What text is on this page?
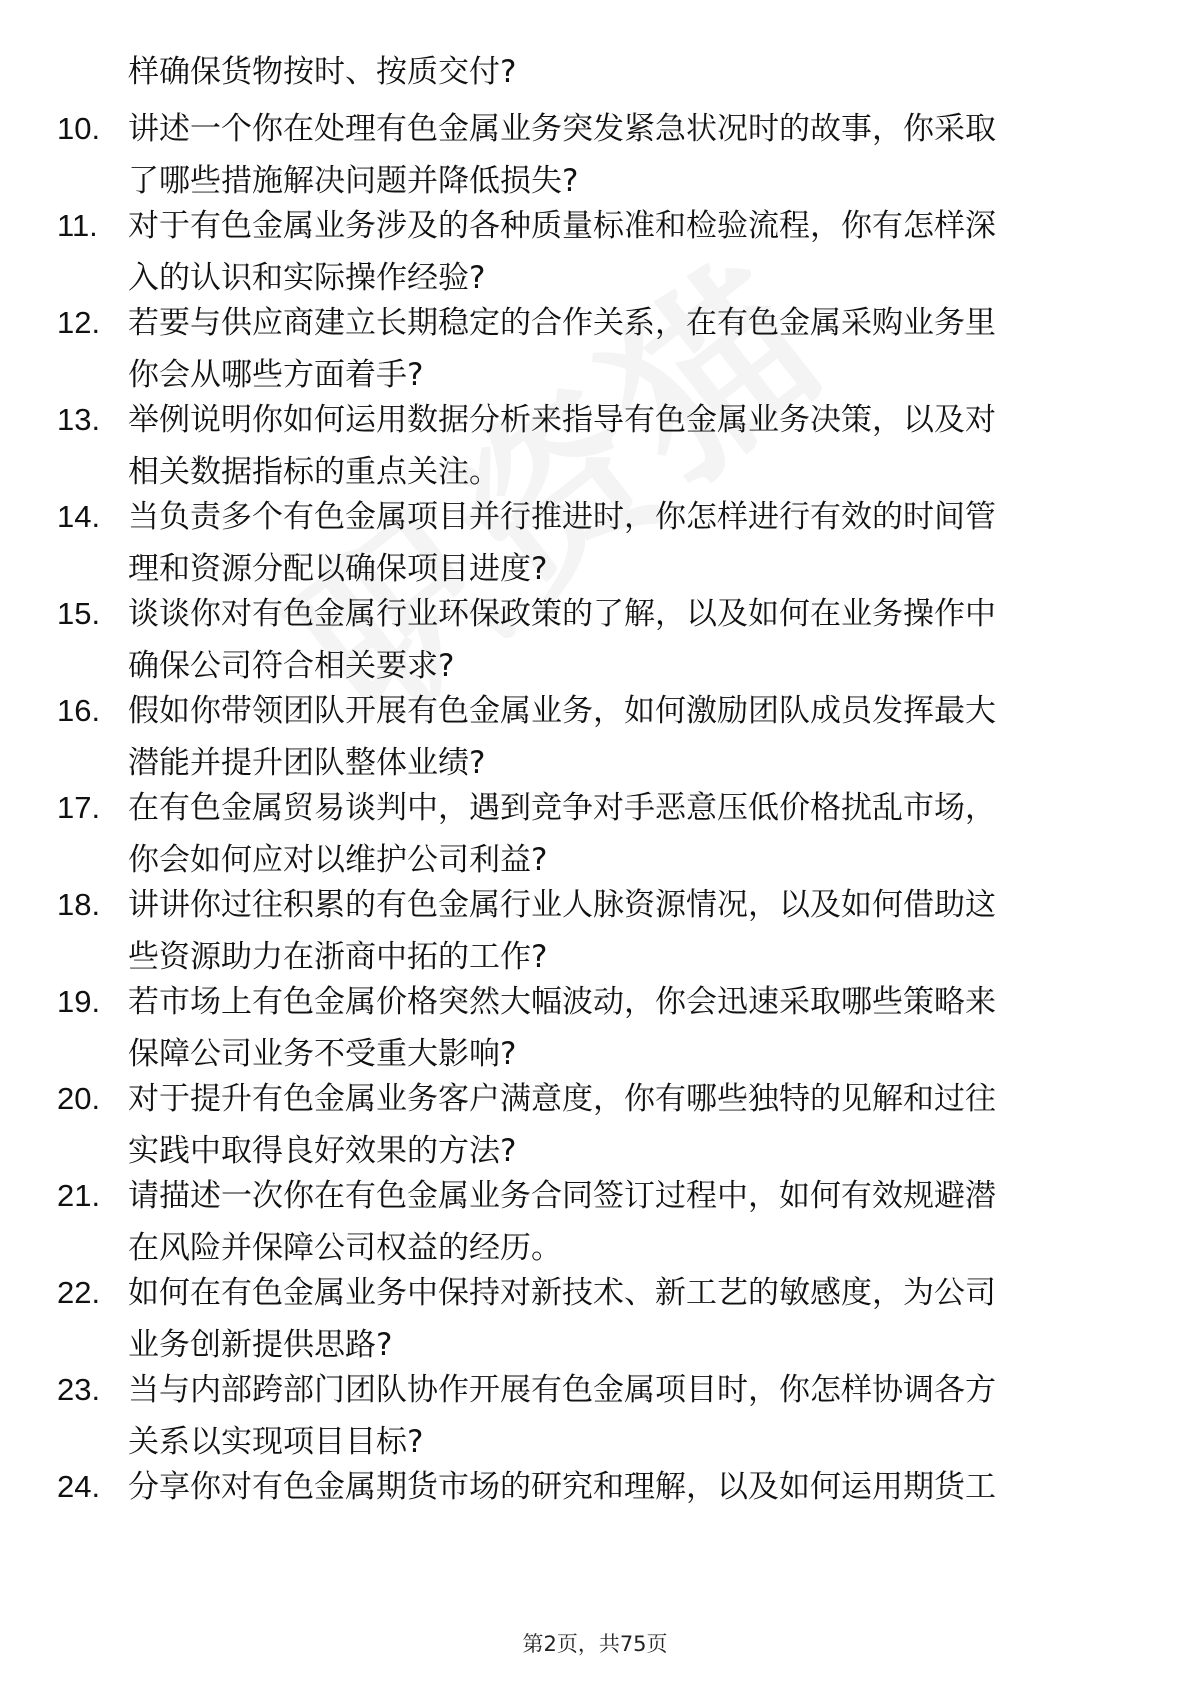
样确保货物按时、按质交付?
10. 讲述一个你在处理有色金属业务突发紧急状况时的故事，你采取
了哪些措施解决问题并降低损失?
11. 对于有色金属业务涉及的各种质量标准和检验流程，你有怎样深
入的认识和实际操作经验?
12. 若要与供应商建立长期稳定的合作关系，在有色金属采购业务里
你会从哪些方面着手?
13. 举例说明你如何运用数据分析来指导有色金属业务决策，以及对
相关数据指标的重点关注。
14. 当负责多个有色金属项目并行推进时，你怎样进行有效的时间管
理和资源分配以确保项目进度?
15. 谈谈你对有色金属行业环保政策的了解，以及如何在业务操作中
确保公司符合相关要求?
16. 假如你带领团队开展有色金属业务，如何激励团队成员发挥最大
潜能并提升团队整体业绩?
17. 在有色金属贸易谈判中，遇到竞争对手恶意压低价格扰乱市场，
你会如何应对以维护公司利益?
18. 讲讲你过往积累的有色金属行业人脉资源情况，以及如何借助这
些资源助力在浙商中拓的工作?
19. 若市场上有色金属价格突然大幅波动，你会迅速采取哪些策略来
保障公司业务不受重大影响?
20. 对于提升有色金属业务客户满意度，你有哪些独特的见解和过往
实践中取得良好效果的方法?
21. 请描述一次你在有色金属业务合同签订过程中，如何有效规避潜
在风险并保障公司权益的经历。
22. 如何在有色金属业务中保持对新技术、新工艺的敏感度，为公司
业务创新提供思路?
23. 当与内部跨部门团队协作开展有色金属项目时，你怎样协调各方
关系以实现项目目标?
24. 分享你对有色金属期货市场的研究和理解，以及如何运用期货工
第2页，共75页
